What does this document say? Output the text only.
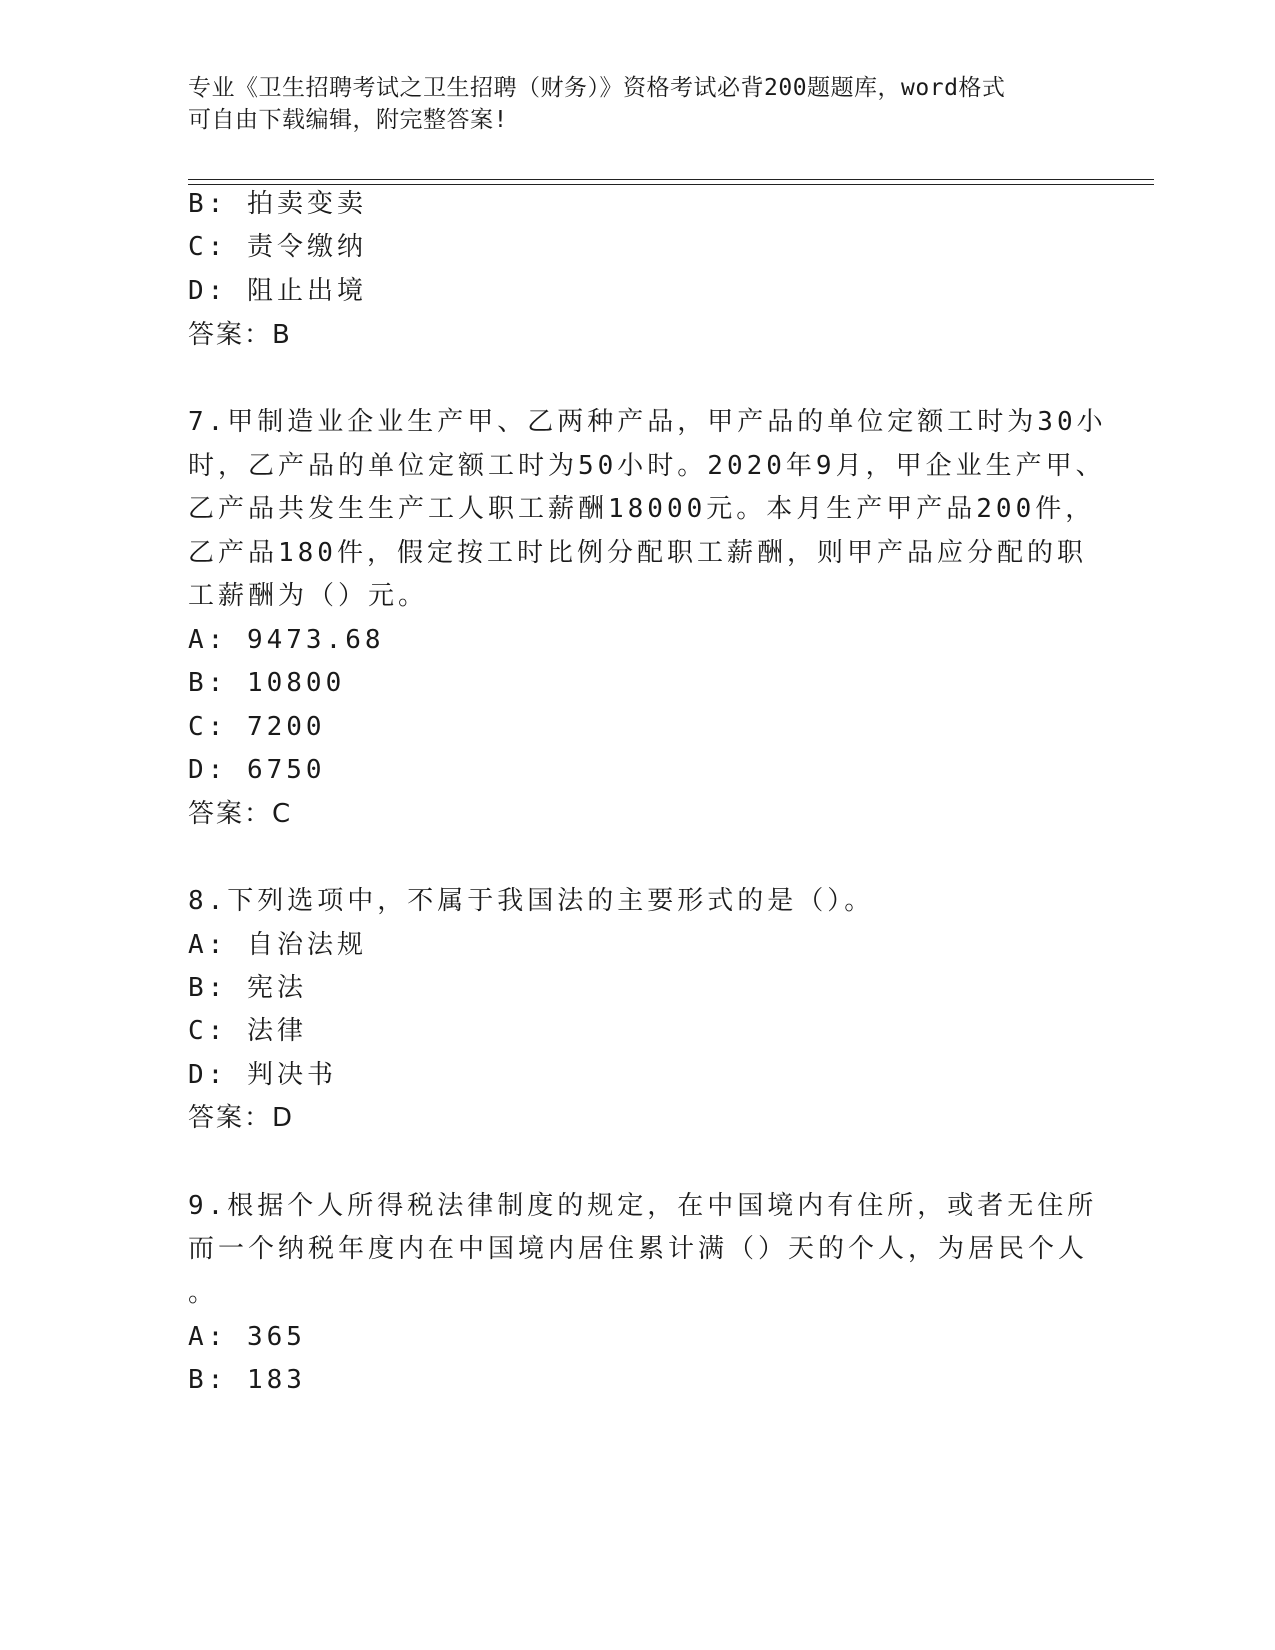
专业《卫生招聘考试之卫生招聘（财务）》资格考试必背200题题库，word格式
可自由下载编辑，附完整答案!
B: 拍卖变卖
C: 责令缴纳
D: 阻止出境
答案：B
7.甲制造业企业生产甲、乙两种产品，甲产品的单位定额工时为30小
时，乙产品的单位定额工时为50小时。2020年9月，甲企业生产甲、
乙产品共发生生产工人职工薪酬18000元。本月生产甲产品200件，
乙产品180件，假定按工时比例分配职工薪酬，则甲产品应分配的职
工薪酬为（）元。
A: 9473.68
B: 10800
C: 7200
D: 6750
答案：C
8.下列选项中，不属于我国法的主要形式的是（）。
A: 自治法规
B: 宪法
C: 法律
D: 判决书
答案：D
9.根据个人所得税法律制度的规定，在中国境内有住所，或者无住所
而一个纳税年度内在中国境内居住累计满（）天的个人，为居民个人
。
A: 365
B: 183
